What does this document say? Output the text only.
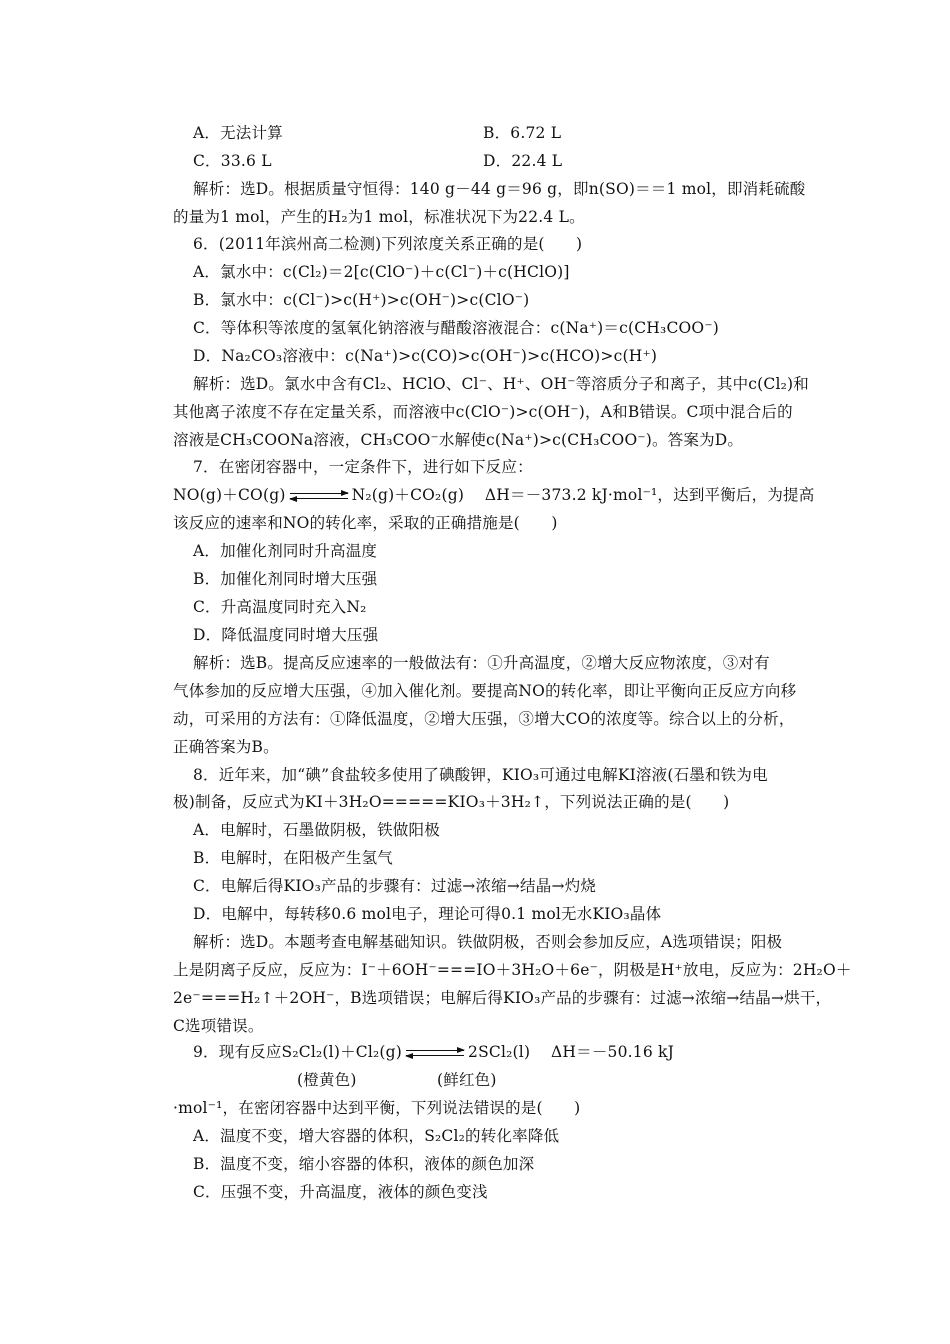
A．无法计算	B．6.72 L
C．33.6 L	D．22.4 L
解析：选D。根据质量守恒得：140 g－44 g＝96 g，即n(SO)＝＝1 mol，即消耗硫酸
的量为1 mol，产生的H₂为1 mol，标准状况下为22.4 L。
6．(2011年滨州高二检测)下列浓度关系正确的是(　　)
A．氯水中：c(Cl₂)＝2[c(ClO⁻)＋c(Cl⁻)＋c(HClO)]
B．氯水中：c(Cl⁻)>c(H⁺)>c(OH⁻)>c(ClO⁻)
C．等体积等浓度的氢氧化钠溶液与醋酸溶液混合：c(Na⁺)＝c(CH₃COO⁻)
D．Na₂CO₃溶液中：c(Na⁺)>c(CO)>c(OH⁻)>c(HCO)>c(H⁺)
解析：选D。氯水中含有Cl₂、HClO、Cl⁻、H⁺、OH⁻等溶质分子和离子，其中c(Cl₂)和
其他离子浓度不存在定量关系，而溶液中c(ClO⁻)>c(OH⁻)，A和B错误。C项中混合后的
溶液是CH₃COONa溶液，CH₃COO⁻水解使c(Na⁺)>c(CH₃COO⁻)。答案为D。
7．在密闭容器中，一定条件下，进行如下反应：
NO(g)＋CO(g)	N₂(g)＋CO₂(g)　 ΔH＝－373.2 kJ·mol⁻¹，达到平衡后，为提高
该反应的速率和NO的转化率，采取的正确措施是(　　)
A．加催化剂同时升高温度
B．加催化剂同时增大压强
C．升高温度同时充入N₂
D．降低温度同时增大压强
解析：选B。提高反应速率的一般做法有：①升高温度，②增大反应物浓度，③对有
气体参加的反应增大压强，④加入催化剂。要提高NO的转化率，即让平衡向正反应方向移
动，可采用的方法有：①降低温度，②增大压强，③增大CO的浓度等。综合以上的分析，
正确答案为B。
8．近年来，加“碘”食盐较多使用了碘酸钾，KIO₃可通过电解KI溶液(石墨和铁为电
极)制备，反应式为KI＋3H₂O=====KIO₃＋3H₂↑，下列说法正确的是(　　)
A．电解时，石墨做阴极，铁做阳极
B．电解时，在阳极产生氢气
C．电解后得KIO₃产品的步骤有：过滤→浓缩→结晶→灼烧
D．电解中，每转移0.6 mol电子，理论可得0.1 mol无水KIO₃晶体
解析：选D。本题考查电解基础知识。铁做阴极，否则会参加反应，A选项错误；阳极
上是阴离子反应，反应为：I⁻＋6OH⁻===IO＋3H₂O＋6e⁻，阴极是H⁺放电，反应为：2H₂O＋
2e⁻===H₂↑＋2OH⁻，B选项错误；电解后得KIO₃产品的步骤有：过滤→浓缩→结晶→烘干，
C选项错误。
9．现有反应S₂Cl₂(l)＋Cl₂(g)	2SCl₂(l)　 ΔH＝－50.16 kJ
(橙黄色)	(鲜红色)
·mol⁻¹，在密闭容器中达到平衡，下列说法错误的是(　　)
A．温度不变，增大容器的体积，S₂Cl₂的转化率降低
B．温度不变，缩小容器的体积，液体的颜色加深
C．压强不变，升高温度，液体的颜色变浅
